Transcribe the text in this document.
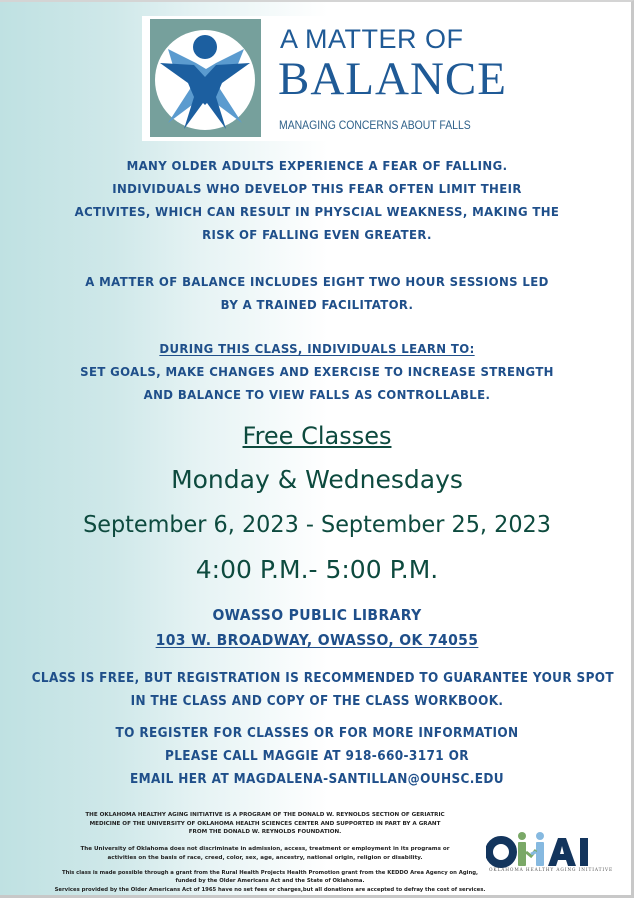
A MATTER OF
BALANCE
MANAGING CONCERNS ABOUT FALLS
MANY OLDER ADULTS EXPERIENCE A FEAR OF FALLING.
INDIVIDUALS WHO DEVELOP THIS FEAR OFTEN LIMIT THEIR
ACTIVITES, WHICH CAN RESULT IN PHYSCIAL WEAKNESS, MAKING THE
RISK OF FALLING EVEN GREATER.
A MATTER OF BALANCE INCLUDES EIGHT TWO HOUR SESSIONS LED
BY A TRAINED FACILITATOR.
DURING THIS CLASS, INDIVIDUALS LEARN TO:
SET GOALS, MAKE CHANGES AND EXERCISE TO INCREASE STRENGTH
AND BALANCE TO VIEW FALLS AS CONTROLLABLE.
Free Classes
Monday & Wednesdays
September 6, 2023 - September 25, 2023
4:00 P.M.- 5:00 P.M.
OWASSO PUBLIC LIBRARY
103 W. BROADWAY, OWASSO, OK 74055
CLASS IS FREE, BUT REGISTRATION IS RECOMMENDED TO GUARANTEE YOUR SPOT
IN THE CLASS AND COPY OF THE CLASS WORKBOOK.
TO REGISTER FOR CLASSES OR FOR MORE INFORMATION
PLEASE CALL MAGGIE AT 918-660-3171 OR
EMAIL HER AT MAGDALENA-SANTILLAN@OUHSC.EDU
THE OKLAHOMA HEALTHY AGING INITIATIVE IS A PROGRAM OF THE DONALD W. REYNOLDS SECTION OF GERIATRIC
MEDICINE OF THE UNIVERSITY OF OKLAHOMA HEALTH SCIENCES CENTER AND SUPPORTED IN PART BY A GRANT
FROM THE DONALD W. REYNOLDS FOUNDATION.
The University of Oklahoma does not discriminate in admission, access, treatment or employment in its programs or
activities on the basis of race, creed, color, sex, age, ancestry, national origin, religion or disability.
This class is made possible through a grant from the Rural Health Projects Health Promotion grant from the KEDDO Area Agency on Aging,
funded by the Older Americans Act and the State of Oklahoma.
Services provided by the Older Americans Act of 1965 have no set fees or charges,but all donations are accepted to defray the cost of services.
OKLAHOMA HEALTHY AGING INITIATIVE
